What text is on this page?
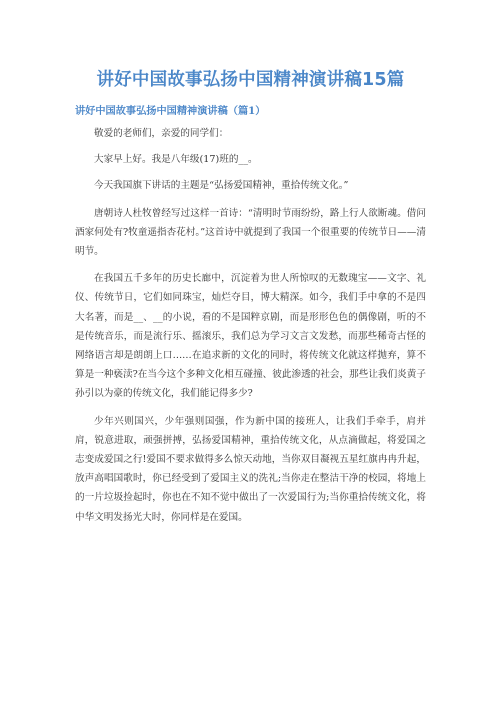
讲好中国故事弘扬中国精神演讲稿15篇
讲好中国故事弘扬中国精神演讲稿（篇1）

敬爱的老师们，亲爱的同学们：

大家早上好。我是八年级(17)班的__。

今天我国旗下讲话的主题是“弘扬爱国精神，重拾传统文化。”

唐朝诗人杜牧曾经写过这样一首诗：“清明时节雨纷纷，路上行人欲断魂。借问酒家何处有?牧童遥指杏花村。”这首诗中就提到了我国一个很重要的传统节日——清明节。

在我国五千多年的历史长廊中，沉淀着为世人所惊叹的无数瑰宝——文字、礼仪、传统节日，它们如同珠宝，灿烂夺目，博大精深。如今，我们手中拿的不是四大名著，而是__、__的小说，看的不是国粹京剧，而是形形色色的偶像剧，听的不是传统音乐，而是流行乐、摇滚乐，我们总为学习文言文发愁，而那些稀奇古怪的网络语言却是朗朗上口……在追求新的文化的同时，将传统文化就这样抛弃，算不算是一种亵渎?在当今这个多种文化相互碰撞、彼此渗透的社会，那些让我们炎黄子孙引以为豪的传统文化，我们能记得多少?

少年兴则国兴，少年强则国强，作为新中国的接班人，让我们手牵手，肩并肩，锐意进取，顽强拼搏，弘扬爱国精神，重拾传统文化，从点滴做起，将爱国之志变成爱国之行!爱国不要求做得多么惊天动地，当你双目凝视五星红旗冉冉升起，放声高唱国歌时，你已经受到了爱国主义的洗礼;当你走在整洁干净的校园，将地上的一片垃圾捡起时，你也在不知不觉中做出了一次爱国行为;当你重拾传统文化，将中华文明发扬光大时，你同样是在爱国。
